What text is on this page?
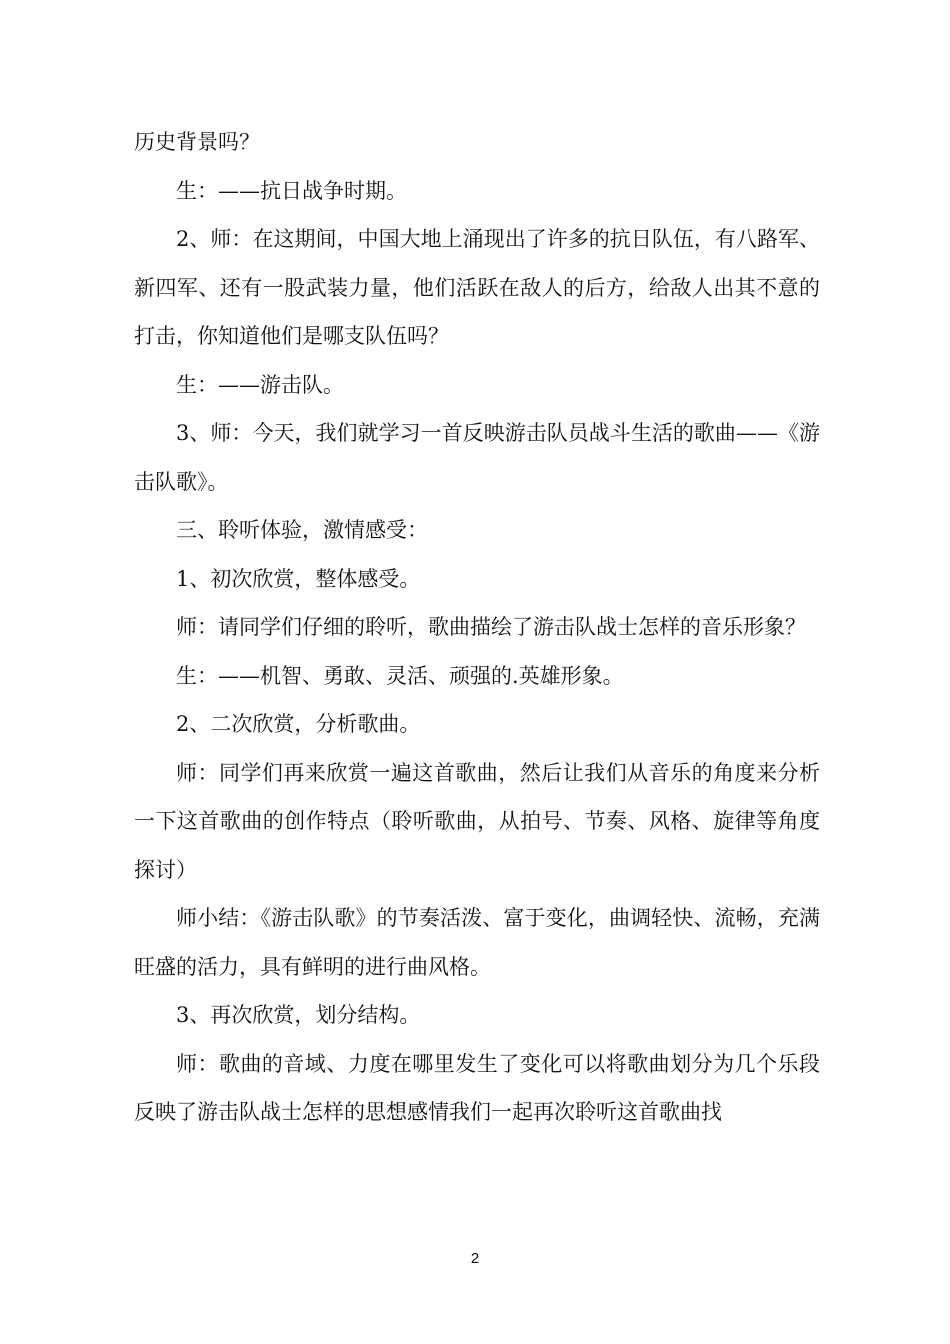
历史背景吗？

生：——抗日战争时期。

2、师：在这期间，中国大地上涌现出了许多的抗日队伍，有八路军、新四军、还有一股武装力量，他们活跃在敌人的后方，给敌人出其不意的打击，你知道他们是哪支队伍吗？

生：——游击队。

3、师：今天，我们就学习一首反映游击队员战斗生活的歌曲——《游击队歌》。

三、聆听体验，激情感受：

1、初次欣赏，整体感受。

师：请同学们仔细的聆听，歌曲描绘了游击队战士怎样的音乐形象？

生：——机智、勇敢、灵活、顽强的.英雄形象。

2、二次欣赏，分析歌曲。

师：同学们再来欣赏一遍这首歌曲，然后让我们从音乐的角度来分析一下这首歌曲的创作特点（聆听歌曲，从拍号、节奏、风格、旋律等角度探讨）

师小结：《游击队歌》的节奏活泼、富于变化，曲调轻快、流畅，充满旺盛的活力，具有鲜明的进行曲风格。

3、再次欣赏，划分结构。

师：歌曲的音域、力度在哪里发生了变化可以将歌曲划分为几个乐段反映了游击队战士怎样的思想感情我们一起再次聆听这首歌曲找

2
